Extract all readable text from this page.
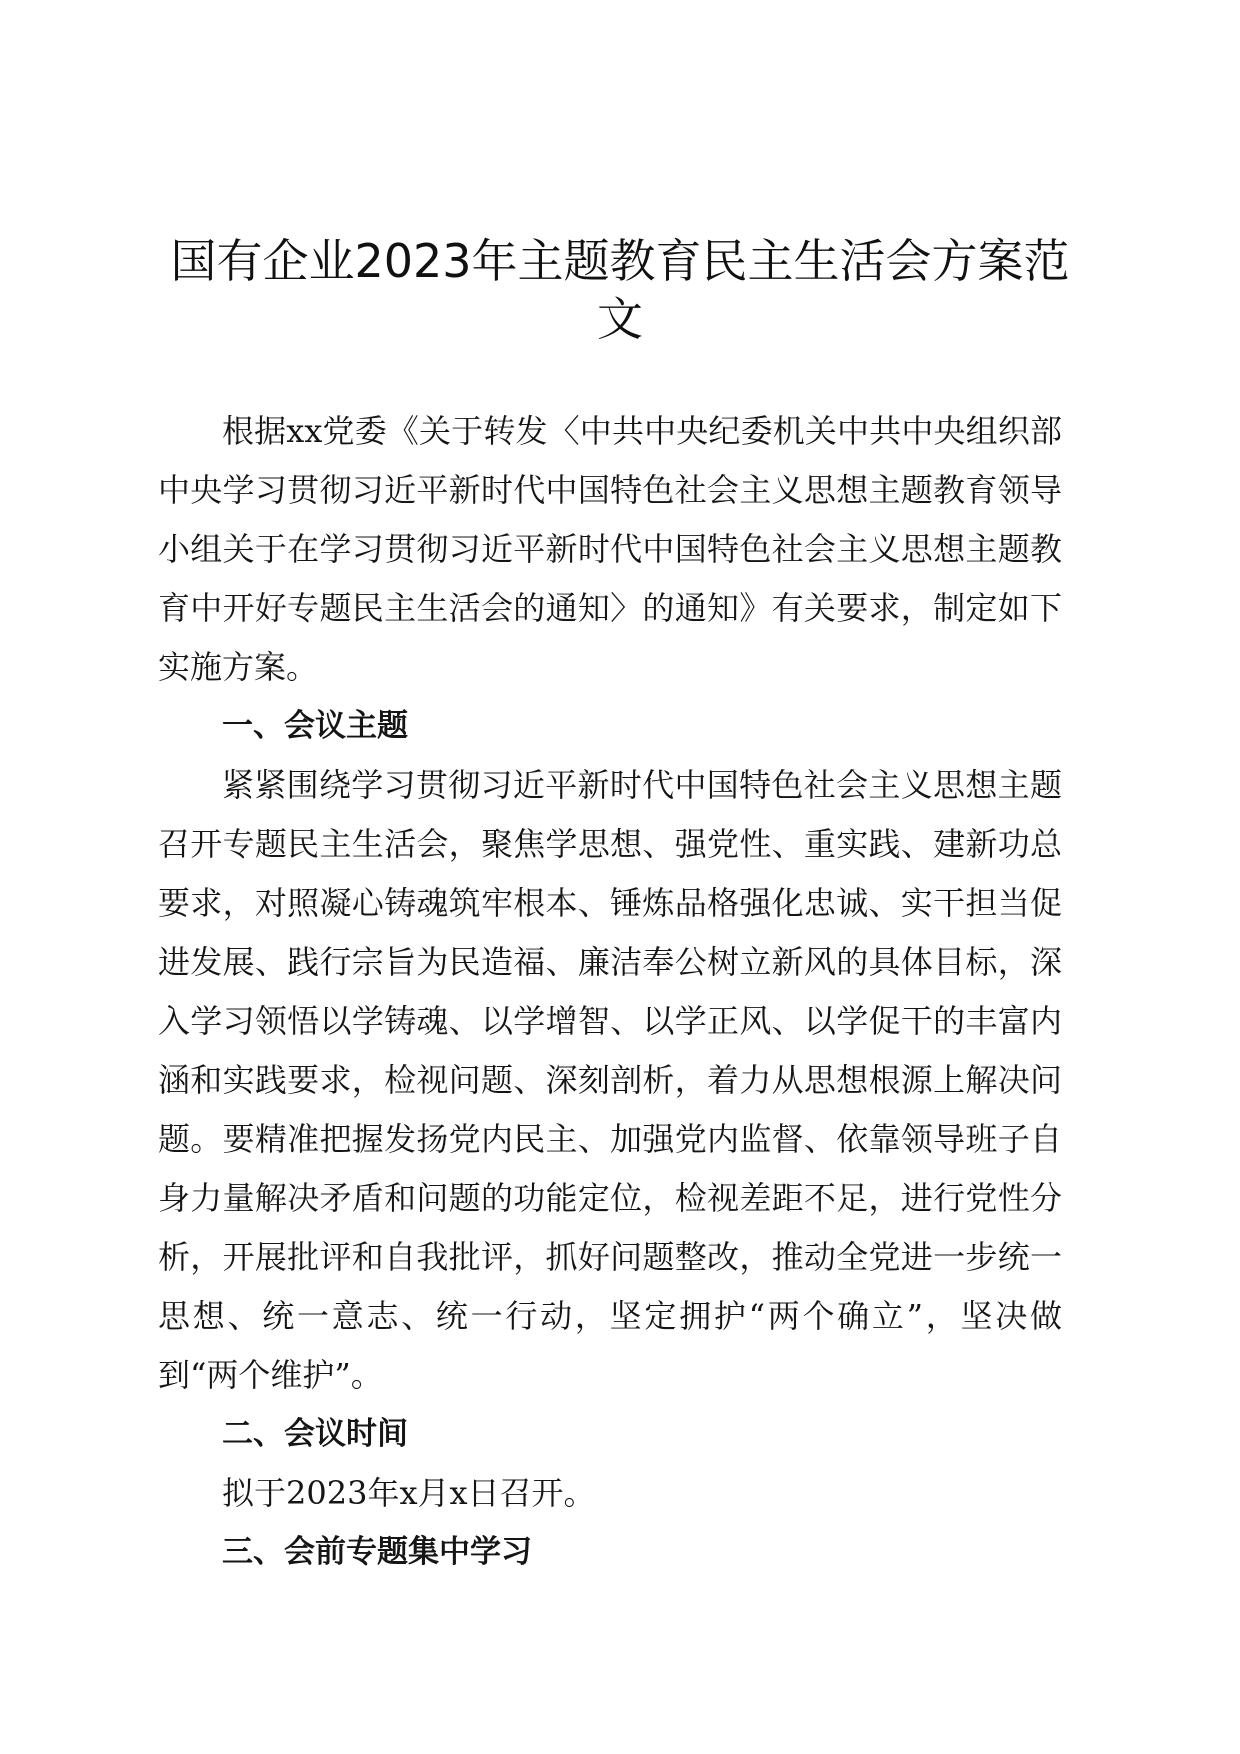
国有企业2023年主题教育民主生活会方案范文

根据xx党委《关于转发〈中共中央纪委机关中共中央组织部中央学习贯彻习近平新时代中国特色社会主义思想主题教育领导小组关于在学习贯彻习近平新时代中国特色社会主义思想主题教育中开好专题民主生活会的通知〉的通知》有关要求，制定如下实施方案。

一、会议主题

紧紧围绕学习贯彻习近平新时代中国特色社会主义思想主题召开专题民主生活会，聚焦学思想、强党性、重实践、建新功总要求，对照凝心铸魂筑牢根本、锤炼品格强化忠诚、实干担当促进发展、践行宗旨为民造福、廉洁奉公树立新风的具体目标，深入学习领悟以学铸魂、以学增智、以学正风、以学促干的丰富内涵和实践要求，检视问题、深刻剖析，着力从思想根源上解决问题。要精准把握发扬党内民主、加强党内监督、依靠领导班子自身力量解决矛盾和问题的功能定位，检视差距不足，进行党性分析，开展批评和自我批评，抓好问题整改，推动全党进一步统一思想、统一意志、统一行动，坚定拥护“两个确立”，坚决做到“两个维护”。

二、会议时间

拟于2023年x月x日召开。

三、会前专题集中学习
